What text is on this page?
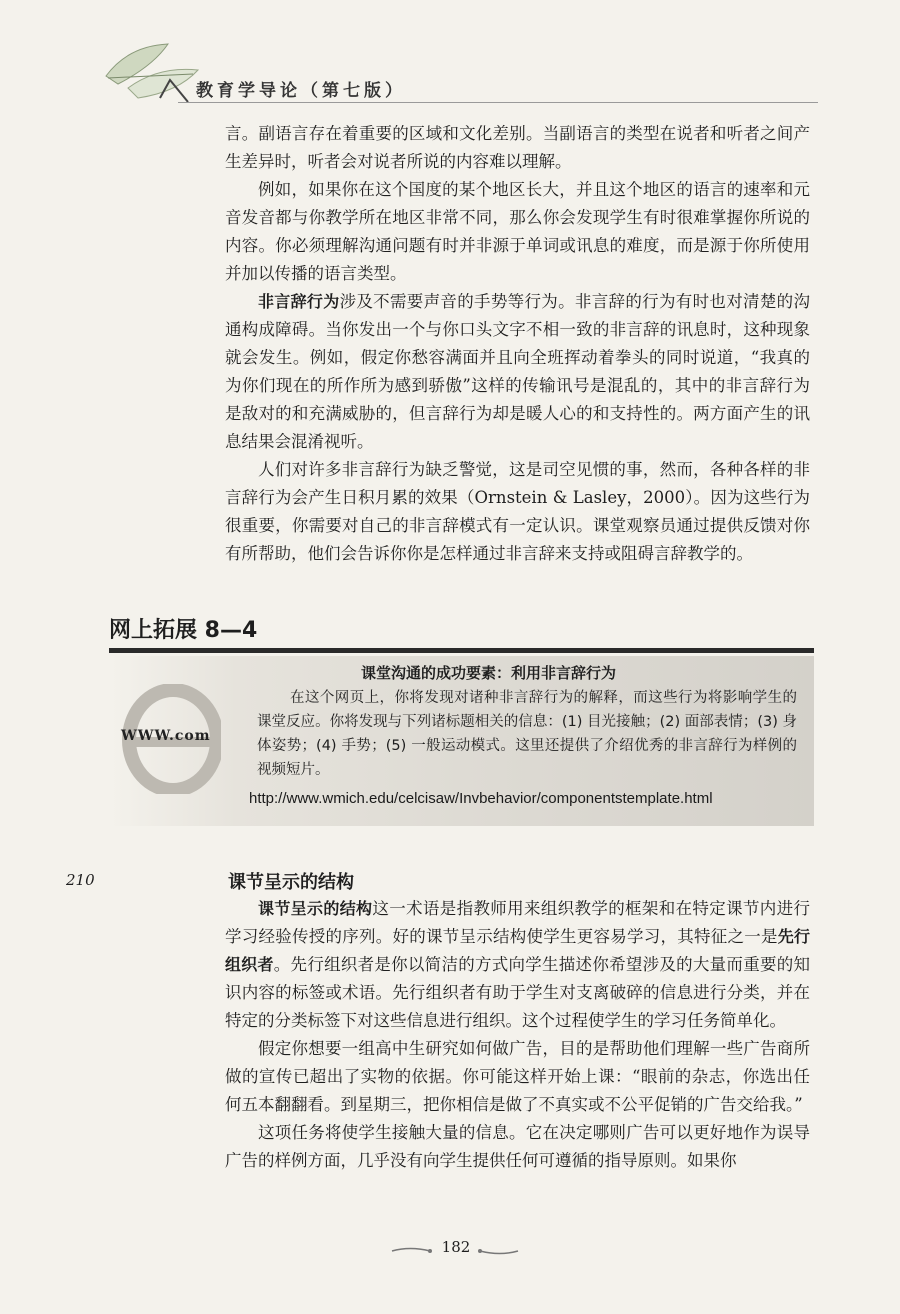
教育学导论（第七版）

言。副语言存在着重要的区域和文化差别。当副语言的类型在说者和听者之间产生差异时，听者会对说者所说的内容难以理解。

例如，如果你在这个国度的某个地区长大，并且这个地区的语言的速率和元音发音都与你教学所在地区非常不同，那么你会发现学生有时很难掌握你所说的内容。你必须理解沟通问题有时并非源于单词或讯息的难度，而是源于你所使用并加以传播的语言类型。

非言辞行为涉及不需要声音的手势等行为。非言辞的行为有时也对清楚的沟通构成障碍。当你发出一个与你口头文字不相一致的非言辞的讯息时，这种现象就会发生。例如，假定你愁容满面并且向全班挥动着拳头的同时说道，“我真的为你们现在的所作所为感到骄傲”这样的传输讯号是混乱的，其中的非言辞行为是敌对的和充满威胁的，但言辞行为却是暖人心的和支持性的。两方面产生的讯息结果会混淆视听。

人们对许多非言辞行为缺乏警觉，这是司空见惯的事，然而，各种各样的非言辞行为会产生日积月累的效果（Ornstein & Lasley，2000）。因为这些行为很重要，你需要对自己的非言辞模式有一定认识。课堂观察员通过提供反馈对你有所帮助，他们会告诉你你是怎样通过非言辞来支持或阻碍言辞教学的。

网上拓展 8—4
WWW.com
课堂沟通的成功要素：利用非言辞行为

在这个网页上，你将发现对诸种非言辞行为的解释，而这些行为将影响学生的课堂反应。你将发现与下列诸标题相关的信息：(1) 目光接触；(2) 面部表情；(3) 身体姿势；(4) 手势；(5) 一般运动模式。这里还提供了介绍优秀的非言辞行为样例的视频短片。

http://www.wmich.edu/celcisaw/Invbehavior/componentstemplate.html
210	课节呈示的结构

课节呈示的结构这一术语是指教师用来组织教学的框架和在特定课节内进行学习经验传授的序列。好的课节呈示结构使学生更容易学习，其特征之一是先行组织者。先行组织者是你以简洁的方式向学生描述你希望涉及的大量而重要的知识内容的标签或术语。先行组织者有助于学生对支离破碎的信息进行分类，并在特定的分类标签下对这些信息进行组织。这个过程使学生的学习任务简单化。

假定你想要一组高中生研究如何做广告，目的是帮助他们理解一些广告商所做的宣传已超出了实物的依据。你可能这样开始上课：“眼前的杂志，你选出任何五本翻翻看。到星期三，把你相信是做了不真实或不公平促销的广告交给我。”

这项任务将使学生接触大量的信息。它在决定哪则广告可以更好地作为误导广告的样例方面，几乎没有向学生提供任何可遵循的指导原则。如果你

182
